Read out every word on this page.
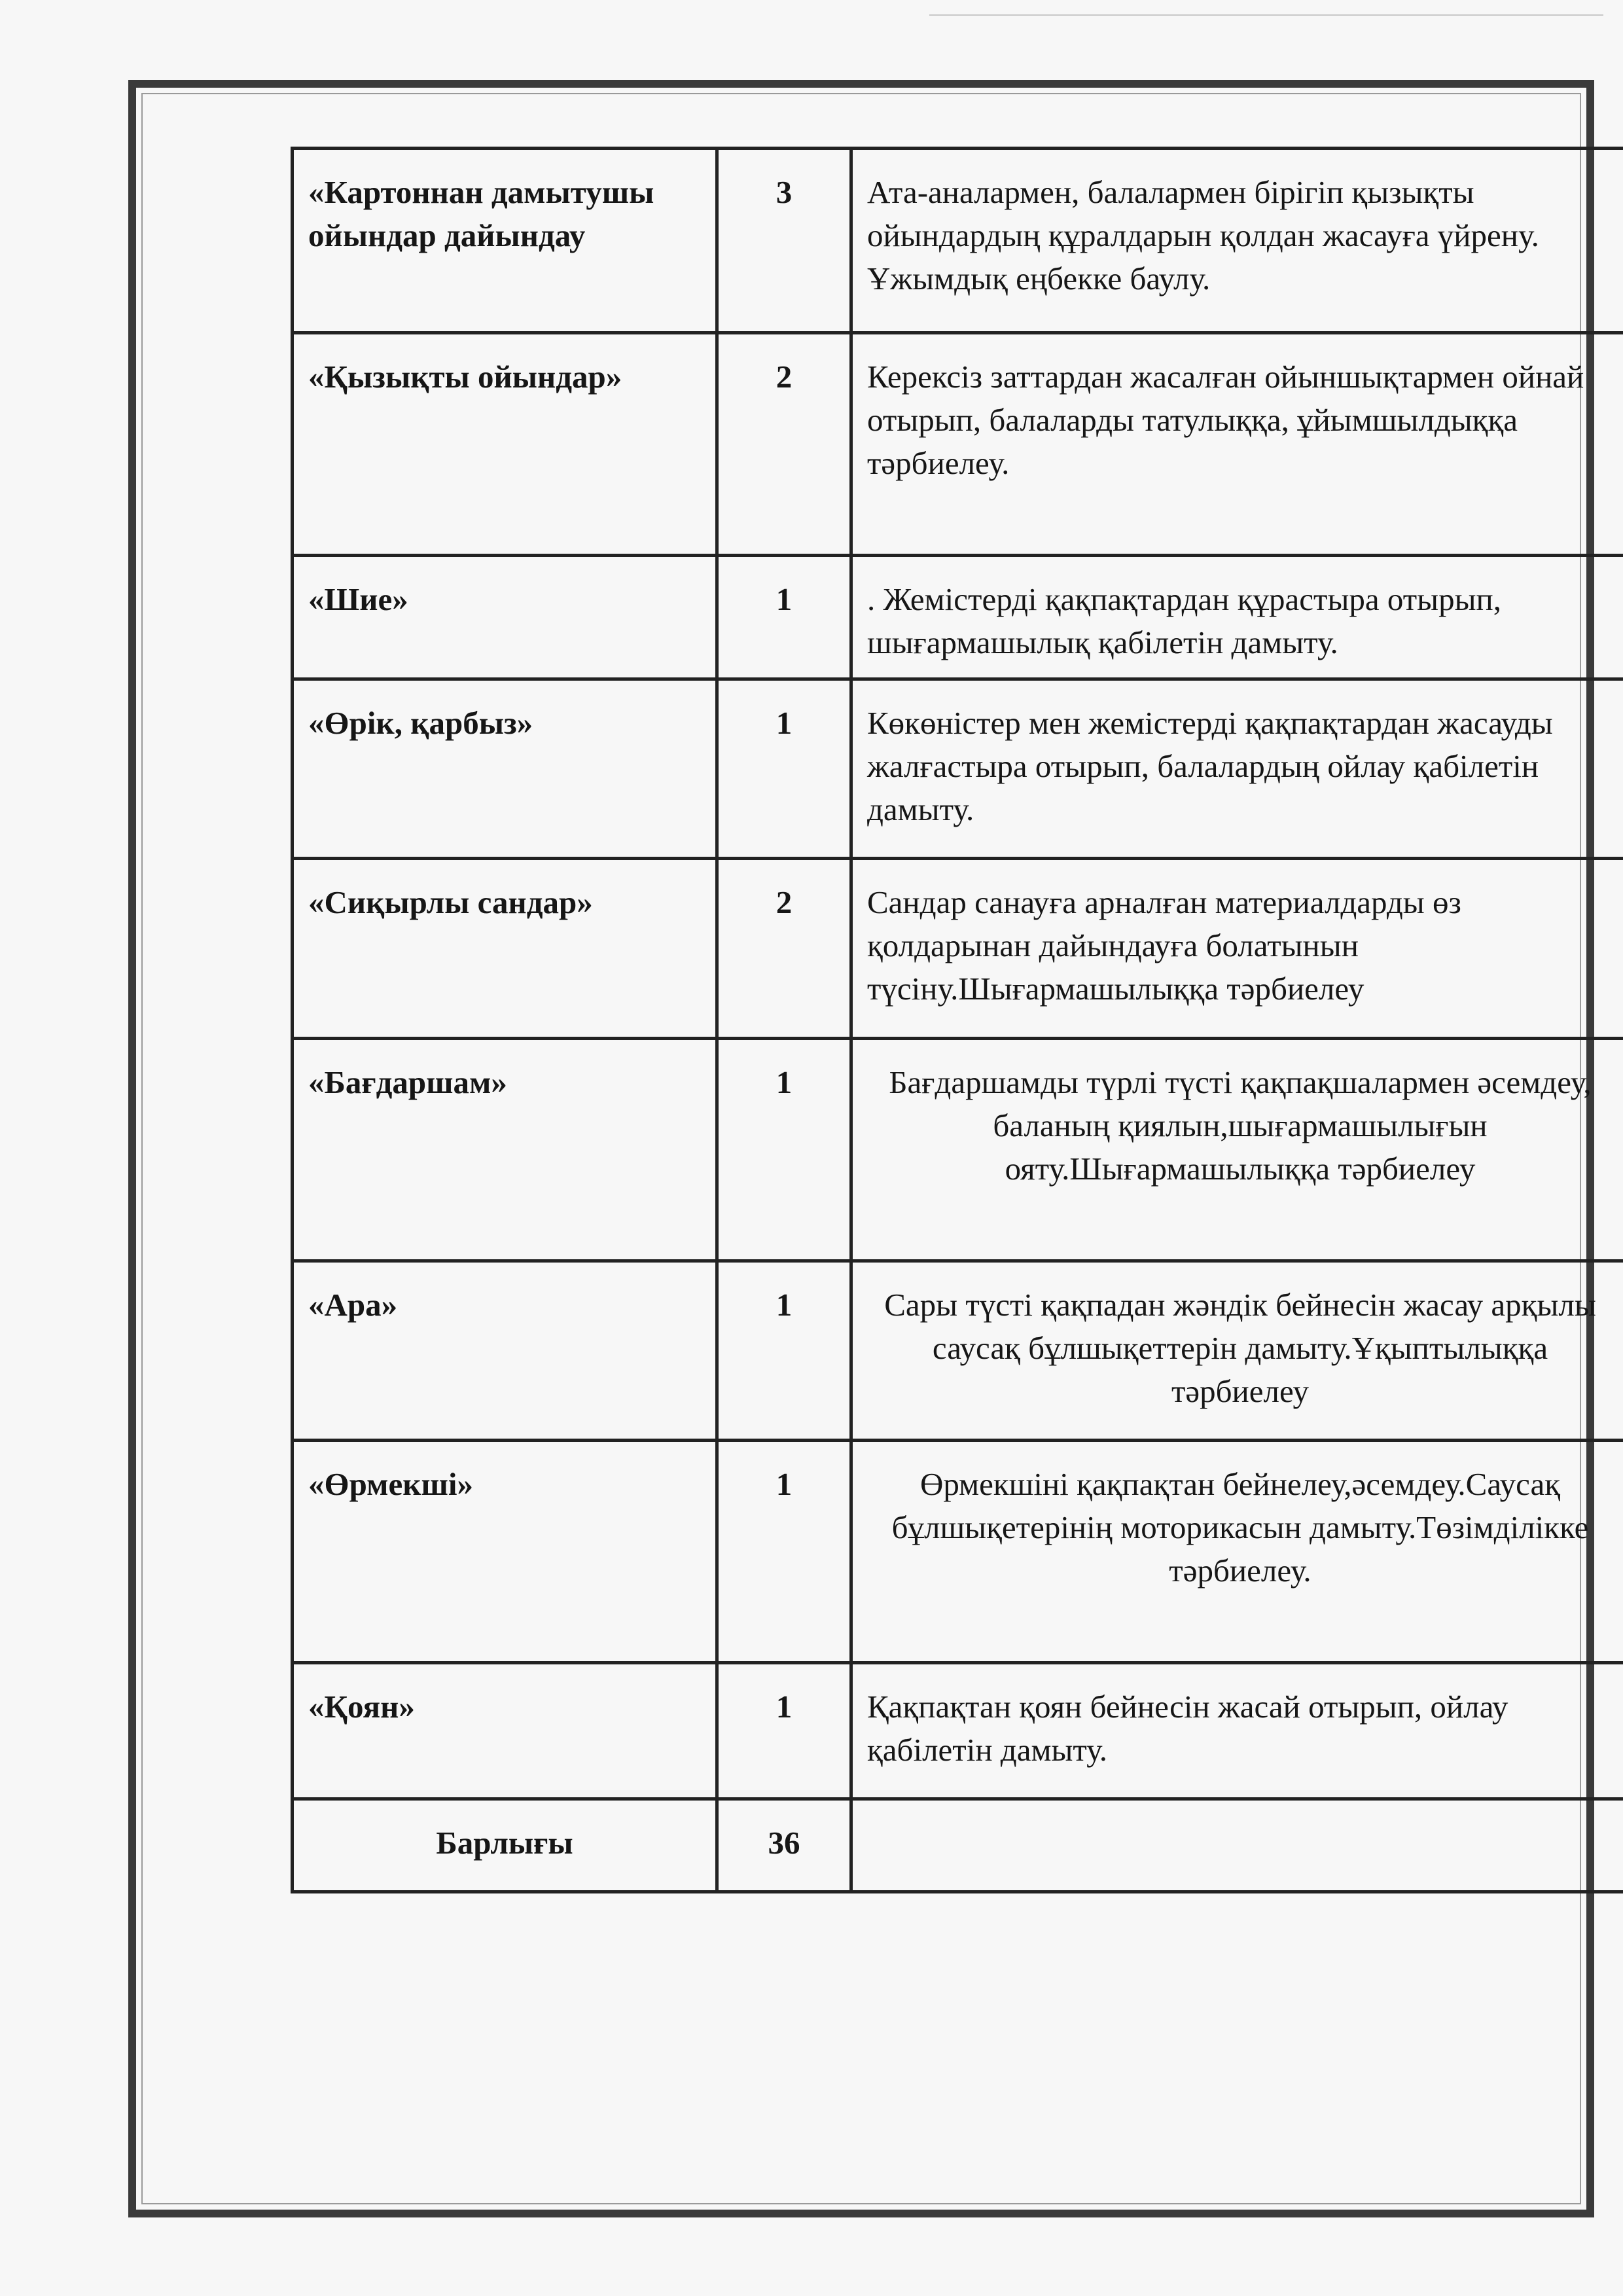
«Картоннан дамытушы ойындар дайындау	3	Ата-аналармен, балалармен бірігіп қызықты ойындардың құралдарын қолдан жасауға үйрену. Ұжымдық еңбекке баулу.
«Қызықты ойындар»	2	Керексіз заттардан жасалған ойыншықтармен ойнай отырып, балаларды татулыққа, ұйымшылдыққа тәрбиелеу.
«Шие»	1	. Жемістерді қақпақтардан құрастыра отырып, шығармашылық қабілетін дамыту.
«Өрік, қарбыз»	1	Көкөністер мен жемістерді қақпақтардан жасауды жалғастыра отырып, балалардың ойлау қабілетін дамыту.
«Сиқырлы сандар»	2	Сандар санауға арналған материалдарды өз қолдарынан дайындауға болатынын түсіну.Шығармашылыққа тәрбиелеу
«Бағдаршам»	1	Бағдаршамды түрлі түсті қақпақшалармен әсемдеу, баланың қиялын,шығармашылығын ояту.Шығармашылыққа тәрбиелеу
«Ара»	1	Сары түсті қақпадан жәндік бейнесін жасау арқылы саусақ бұлшықеттерін дамыту.Ұқыптылыққа тәрбиелеу
«Өрмекші»	1	Өрмекшіні қақпақтан бейнелеу,әсемдеу.Саусақ бұлшықетерінің моторикасын дамыту.Төзімділікке тәрбиелеу.
«Қоян»	1	Қақпақтан қоян бейнесін жасай отырып, ойлау қабілетін дамыту.
Барлығы	36	
